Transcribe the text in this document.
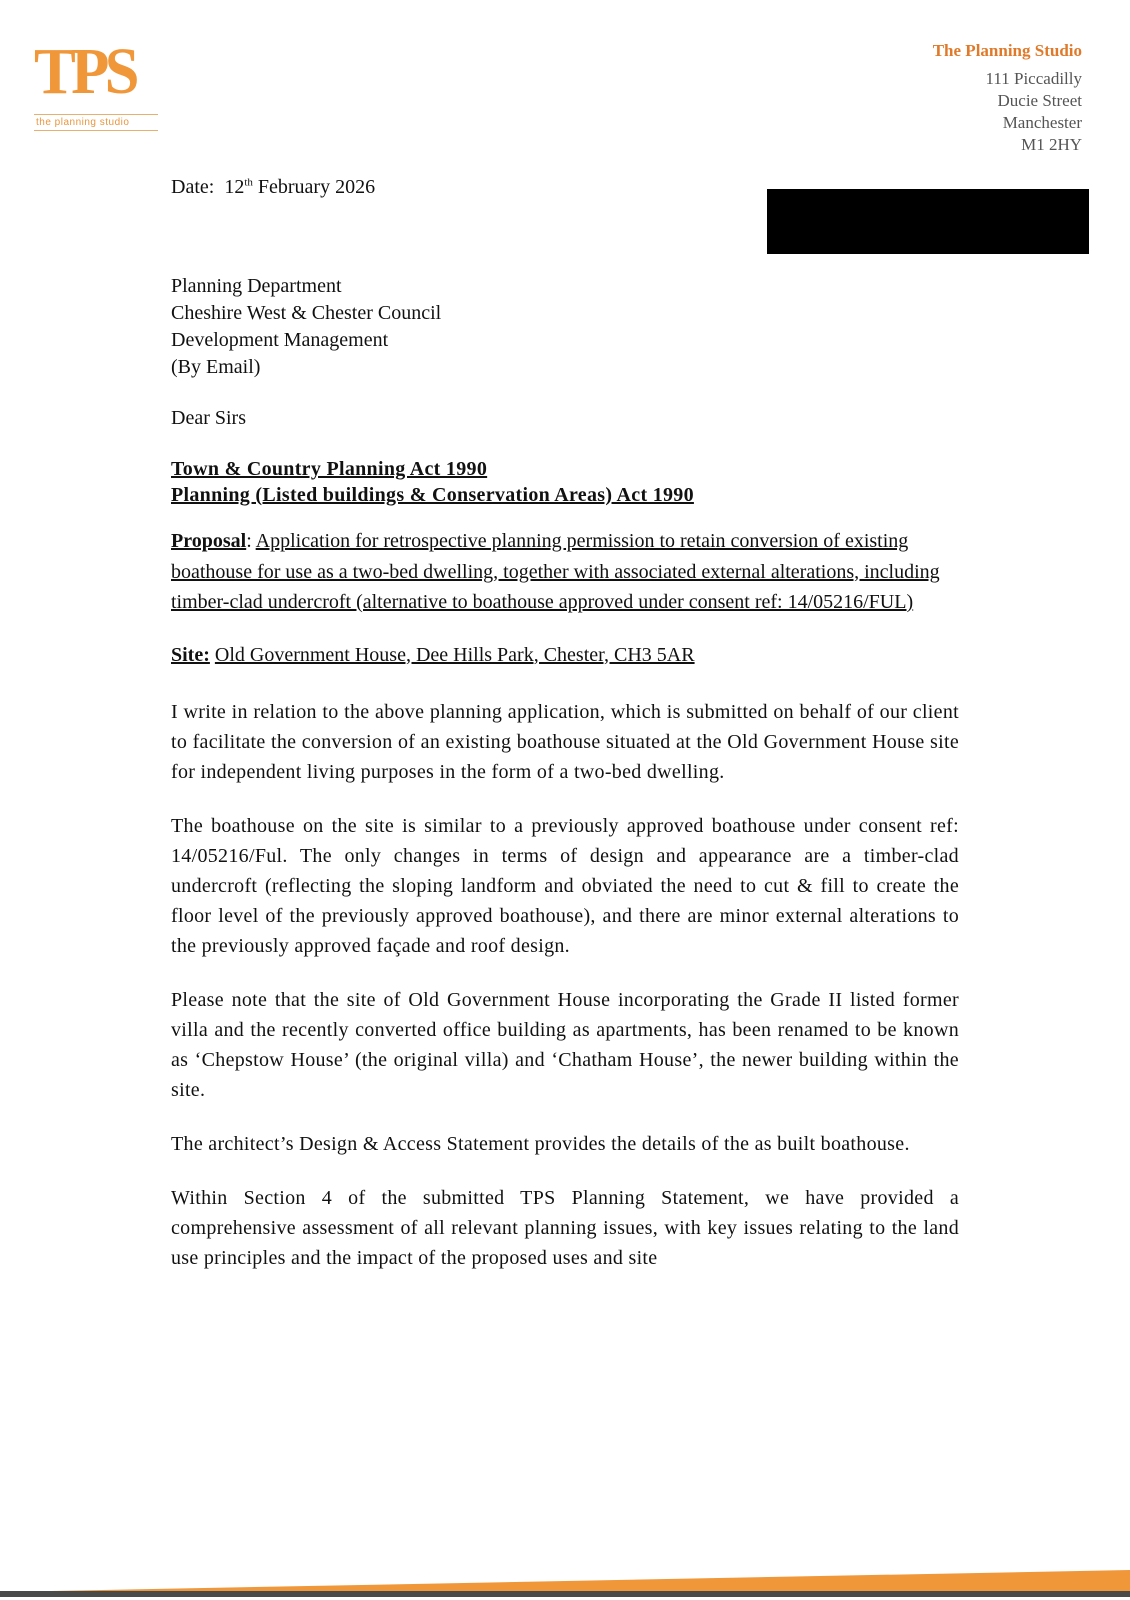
TPS
the planning studio
The Planning Studio
111 Piccadilly
Ducie Street
Manchester
M1 2HY
Date: 12th February 2026
Planning Department
Cheshire West & Chester Council
Development Management
(By Email)
Dear Sirs
Town & Country Planning Act 1990
Planning (Listed buildings & Conservation Areas) Act 1990
Proposal: Application for retrospective planning permission to retain conversion of existing boathouse for use as a two-bed dwelling, together with associated external alterations, including timber-clad undercroft (alternative to boathouse approved under consent ref: 14/05216/FUL)
Site: Old Government House, Dee Hills Park, Chester, CH3 5AR

I write in relation to the above planning application, which is submitted on behalf of our client to facilitate the conversion of an existing boathouse situated at the Old Government House site for independent living purposes in the form of a two-bed dwelling.

The boathouse on the site is similar to a previously approved boathouse under consent ref: 14/05216/Ful. The only changes in terms of design and appearance are a timber-clad undercroft (reflecting the sloping landform and obviated the need to cut & fill to create the floor level of the previously approved boathouse), and there are minor external alterations to the previously approved façade and roof design.

Please note that the site of Old Government House incorporating the Grade II listed former villa and the recently converted office building as apartments, has been renamed to be known as ‘Chepstow House’ (the original villa) and ‘Chatham House’, the newer building within the site.

The architect’s Design & Access Statement provides the details of the as built boathouse.

Within Section 4 of the submitted TPS Planning Statement, we have provided a comprehensive assessment of all relevant planning issues, with key issues relating to the land use principles and the impact of the proposed uses and site
